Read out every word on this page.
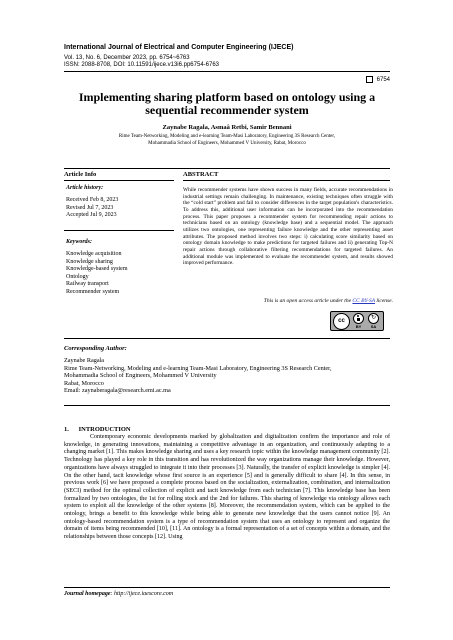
International Journal of Electrical and Computer Engineering (IJECE)
Vol. 13, No. 6, December 2023, pp. 6754~6763
ISSN: 2088-8708, DOI: 10.11591/ijece.v13i6.pp6754-6763
6754
Implementing sharing platform based on ontology using a
sequential recommender system
Zaynabe Ragala, Asmaâ Retbi, Samir Bennani
Rime Team-Networking, Modeling and e-learning Team-Masi Laboratory, Engineering 3S Research Center,
Mohammadia School of Engineers, Mohammed V University, Rabat, Morocco
Article Info	ABSTRACT
Article history:
Received Feb 8, 2023
Revised Jul 7, 2023
Accepted Jul 9, 2023
Keywords:
Knowledge acquisition
Knowledge sharing
Knowledge-based system
Ontology
Railway transport
Recommender system
While recommender systems have shown success in many fields, accurate recommendations in industrial settings remain challenging. In maintenance, existing techniques often struggle with the “cold start” problem and fail to consider differences in the target population's characteristics. To address this, additional user information can be incorporated into the recommendation process. This paper proposes a recommender system for recommending repair actions to technicians based on an ontology (knowledge base) and a sequential model. The approach utilizes two ontologies, one representing failure knowledge and the other representing asset attributes. The proposed method involves two steps: i) calculating score similarity based on ontology domain knowledge to make predictions for targeted failures and ii) generating Top-N repair actions through collaborative filtering recommendations for targeted failures. An additional module was implemented to evaluate the recommender system, and results showed improved performance.
This is an open access article under the CC BY-SA license.
cc
BY
↻
SA
Corresponding Author:
Zaynabe Ragala
Rime Team-Networking, Modeling and e-learning Team-Masi Laboratory, Engineering 3S Research Center,
Mohammadia School of Engineers, Mohammed V University
Rabat, Morocco
Email: zaynaberagala@research.emi.ac.ma
1.      INTRODUCTION
Contemporary economic developments marked by globalization and digitalization confirm the importance and role of knowledge, in generating innovations, maintaining a competitive advantage in an organization, and continuously adapting to a changing market [1]. This makes knowledge sharing and uses a key research topic within the knowledge management community [2]. Technology has played a key role in this transition and has revolutionized the way organizations manage their knowledge. However, organizations have always struggled to integrate it into their processes [3]. Naturally, the transfer of explicit knowledge is simpler [4]. On the other hand, tacit knowledge whose first source is an experience [5] and is generally difficult to share [4]. In this sense, in previous work [6] we have proposed a complete process based on the socialization, externalization, combination, and internalization (SECI) method for the optimal collection of explicit and tacit knowledge from each technician [7]. This knowledge base has been formalized by two ontologies, the 1st for rolling stock and the 2nd for failures. This sharing of knowledge via ontology allows each system to exploit all the knowledge of the other systems [8]. Moreover, the recommendation system, which can be applied to the ontology, brings a benefit to this knowledge while being able to generate new knowledge that the users cannot notice [9]. An ontology-based recommendation system is a type of recommendation system that uses an ontology to represent and organize the domain of items being recommended [10], [11]. An ontology is a formal representation of a set of concepts within a domain, and the relationships between those concepts [12]. Using
Journal homepage: http://ijece.iaescore.com
